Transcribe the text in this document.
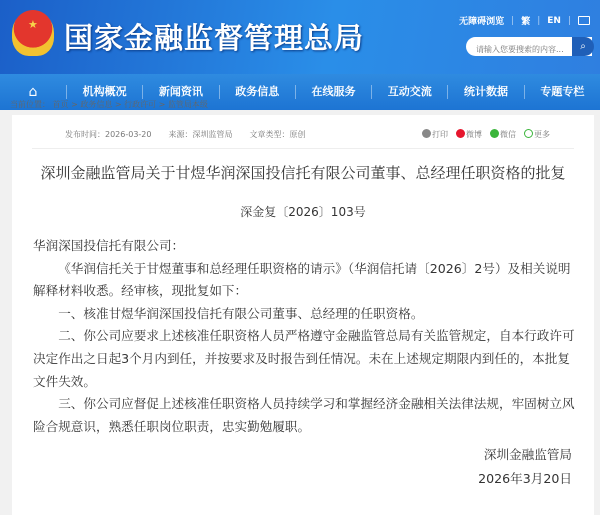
★ 国家金融监督管理总局	无障碍浏览 | 繁 | EN |
请输入您要搜索的内容...
⌕
⌂	机构概况	新闻资讯	政务信息	在线服务	互动交流	统计数据	专题专栏
当前位置： 首页 > 政务信息 > 行政许可 > 监管局本级
发布时间：2026-03-20 来源：深圳监管局 文章类型：原创	打印	微博	微信	更多
深圳金融监管局关于甘煜华润深国投信托有限公司董事、总经理任职资格的批复
深金复〔2026〕103号

华润深国投信托有限公司：

《华润信托关于甘煜董事和总经理任职资格的请示》（华润信托请〔2026〕2号）及相关说明解释材料收悉。经审核，现批复如下：

一、核准甘煜华润深国投信托有限公司董事、总经理的任职资格。

二、你公司应要求上述核准任职资格人员严格遵守金融监管总局有关监管规定，自本行政许可决定作出之日起3个月内到任，并按要求及时报告到任情况。未在上述规定期限内到任的，本批复文件失效。

三、你公司应督促上述核准任职资格人员持续学习和掌握经济金融相关法律法规，牢固树立风险合规意识，熟悉任职岗位职责，忠实勤勉履职。

深圳金融监管局
2026年3月20日
